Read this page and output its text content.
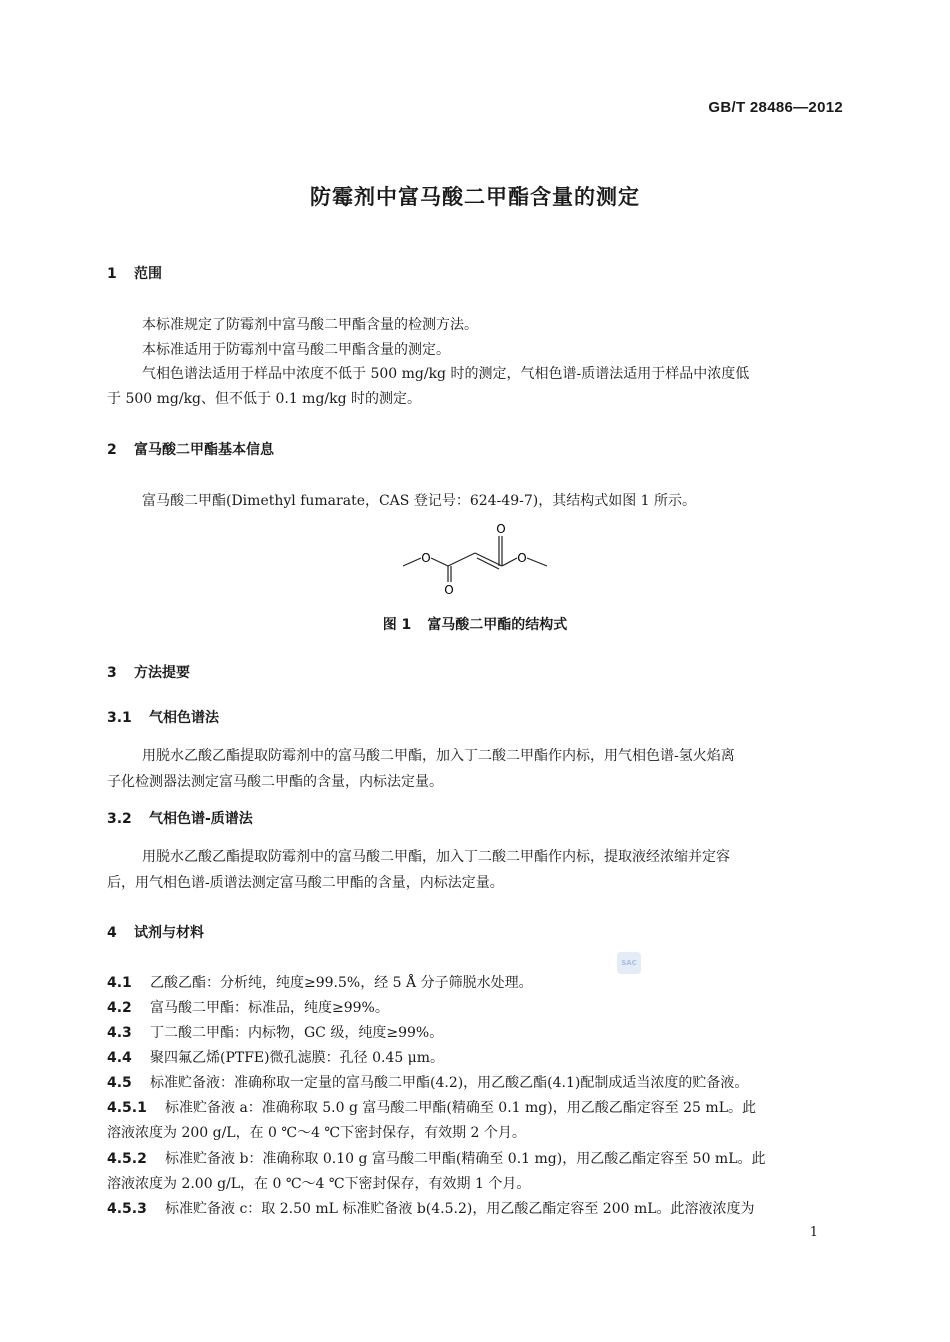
GB/T 28486—2012
防霉剂中富马酸二甲酯含量的测定
1 范围
本标准规定了防霉剂中富马酸二甲酯含量的检测方法。
本标准适用于防霉剂中富马酸二甲酯含量的测定。
气相色谱法适用于样品中浓度不低于 500 mg/kg 时的测定，气相色谱-质谱法适用于样品中浓度低
于 500 mg/kg、但不低于 0.1 mg/kg 时的测定。
2 富马酸二甲酯基本信息
富马酸二甲酯(Dimethyl fumarate，CAS 登记号：624-49-7)，其结构式如图 1 所示。
O
O
O	O
图 1 富马酸二甲酯的结构式
3 方法提要
3.1 气相色谱法
用脱水乙酸乙酯提取防霉剂中的富马酸二甲酯，加入丁二酸二甲酯作内标，用气相色谱-氢火焰离
子化检测器法测定富马酸二甲酯的含量，内标法定量。
3.2 气相色谱-质谱法
用脱水乙酸乙酯提取防霉剂中的富马酸二甲酯，加入丁二酸二甲酯作内标，提取液经浓缩并定容
后，用气相色谱-质谱法测定富马酸二甲酯的含量，内标法定量。
4 试剂与材料
SAC
4.1 乙酸乙酯：分析纯，纯度≥99.5%，经 5 Å 分子筛脱水处理。
4.2 富马酸二甲酯：标准品，纯度≥99%。
4.3 丁二酸二甲酯：内标物，GC 级，纯度≥99%。
4.4 聚四氟乙烯(PTFE)微孔滤膜：孔径 0.45 μm。
4.5 标准贮备液：准确称取一定量的富马酸二甲酯(4.2)，用乙酸乙酯(4.1)配制成适当浓度的贮备液。
4.5.1 标准贮备液 a：准确称取 5.0 g 富马酸二甲酯(精确至 0.1 mg)，用乙酸乙酯定容至 25 mL。此
溶液浓度为 200 g/L，在 0 ℃～4 ℃下密封保存，有效期 2 个月。
4.5.2 标准贮备液 b：准确称取 0.10 g 富马酸二甲酯(精确至 0.1 mg)，用乙酸乙酯定容至 50 mL。此
溶液浓度为 2.00 g/L，在 0 ℃～4 ℃下密封保存，有效期 1 个月。
4.5.3 标准贮备液 c：取 2.50 mL 标准贮备液 b(4.5.2)，用乙酸乙酯定容至 200 mL。此溶液浓度为
1
